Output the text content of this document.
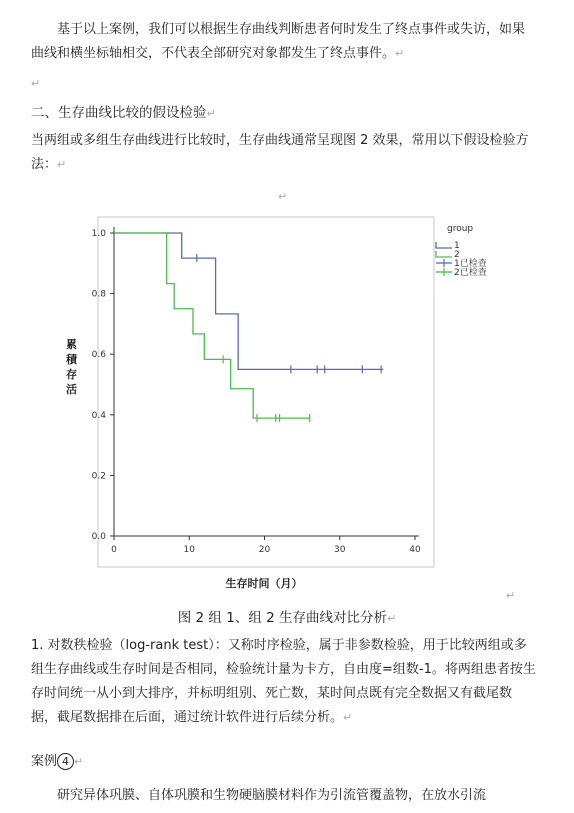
基于以上案例，我们可以根据生存曲线判断患者何时发生了终点事件或失访，如果曲线和横坐标轴相交，不代表全部研究对象都发生了终点事件。↵

↵

二、生存曲线比较的假设检验↵

当两组或多组生存曲线进行比较时，生存曲线通常呈现图 2 效果，常用以下假设检验方法：↵

↵

0.0
0.2
0.4
0.6
0.8
1.0
0	10	20	30	40
group
1
2
1已检查
2已检查
累
積
存
活
生存时间（月）

↵

图 2 组 1、组 2 生存曲线对比分析↵

1. 对数秩检验（log-rank test）：又称时序检验，属于非参数检验，用于比较两组或多组生存曲线或生存时间是否相同，检验统计量为卡方，自由度=组数-1。将两组患者按生存时间统一从小到大排序，并标明组别、死亡数，某时间点既有完全数据又有截尾数据，截尾数据排在后面，通过统计软件进行后续分析。↵

案例 4 ↵

研究异体巩膜、自体巩膜和生物硬脑膜材料作为引流管覆盖物，在放水引流
